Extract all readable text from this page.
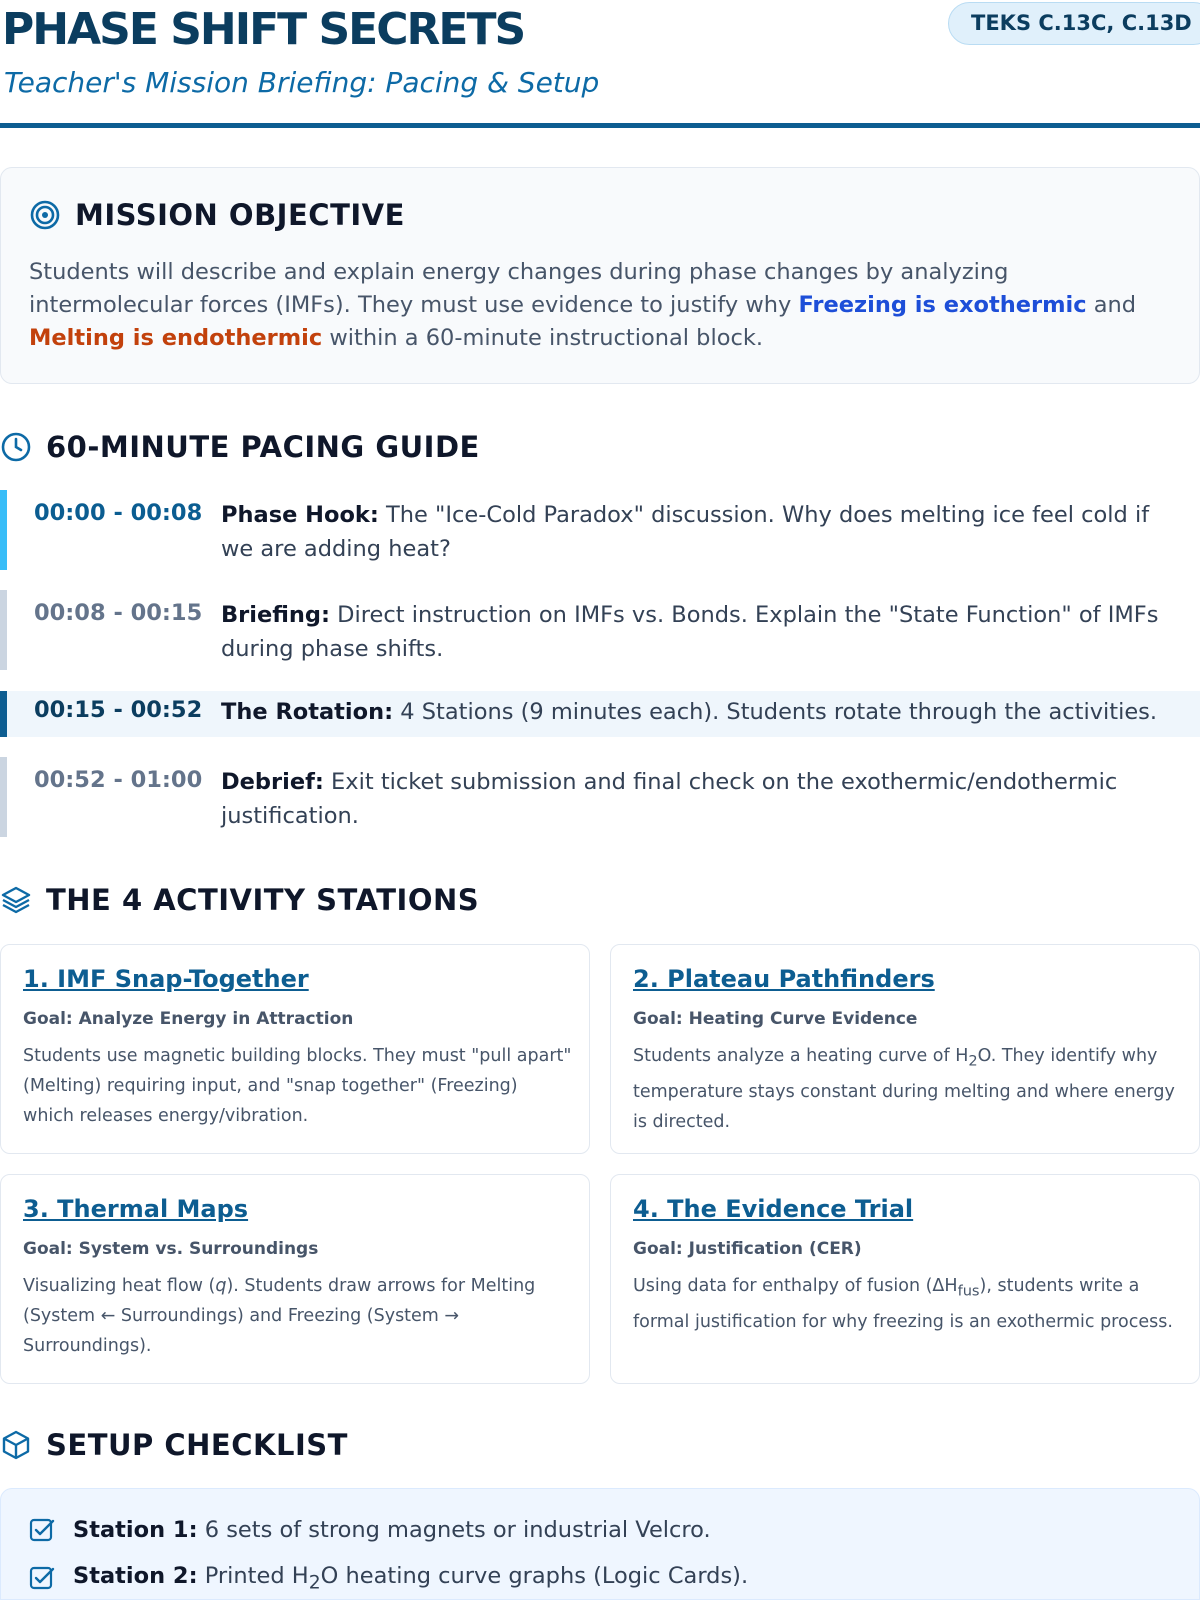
PHASE SHIFT SECRETS
Teacher's Mission Briefing: Pacing & Setup
TEKS C.13C, C.13D
MISSION OBJECTIVE
Students will describe and explain energy changes during phase changes by analyzing intermolecular forces (IMFs). They must use evidence to justify why Freezing is exothermic and Melting is endothermic within a 60-minute instructional block.
60-MINUTE PACING GUIDE
00:00 - 00:08 Phase Hook: The "Ice-Cold Paradox" discussion. Why does melting ice feel cold if we are adding heat?
00:08 - 00:15 Briefing: Direct instruction on IMFs vs. Bonds. Explain the "State Function" of IMFs during phase shifts.
00:15 - 00:52 The Rotation: 4 Stations (9 minutes each). Students rotate through the activities.
00:52 - 01:00 Debrief: Exit ticket submission and final check on the exothermic/endothermic justification.
THE 4 ACTIVITY STATIONS
1. IMF Snap-Together
Goal: Analyze Energy in Attraction
Students use magnetic building blocks. They must "pull apart" (Melting) requiring input, and "snap together" (Freezing) which releases energy/vibration.
2. Plateau Pathfinders
Goal: Heating Curve Evidence
Students analyze a heating curve of $H_2O$. They identify why temperature stays constant during melting and where energy is directed.
3. Thermal Maps
Goal: System vs. Surroundings
Visualizing heat flow (q). Students draw arrows for Melting (System ← Surroundings) and Freezing (System → Surroundings).
4. The Evidence Trial
Goal: Justification (CER)
Using data for enthalpy of fusion $(\Delta H_{fus})$, students write a formal justification for why freezing is an exothermic process.
SETUP CHECKLIST
Station 1: 6 sets of strong magnets or industrial Velcro.
Station 2: Printed $H_2O$ heating curve graphs (Logic Cards).
